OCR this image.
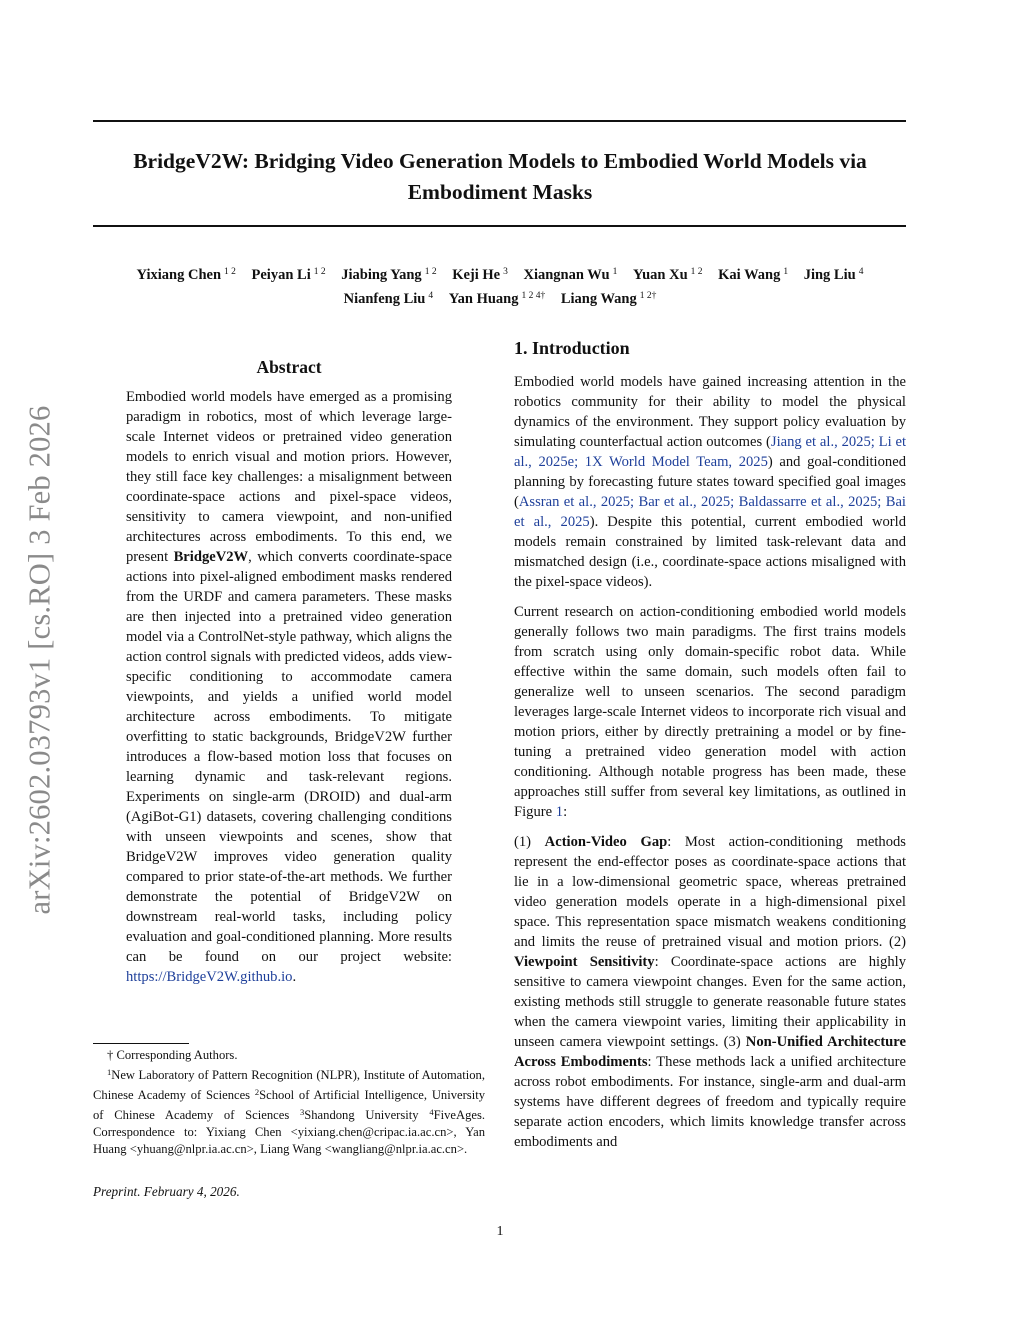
BridgeV2W: Bridging Video Generation Models to Embodied World Models via
Embodiment Masks
Yixiang Chen $^{1 2}$ Peiyan Li $^{1 2}$ Jiabing Yang $^{1 2}$ Keji He $^3$ Xiangnan Wu $^1$ Yuan Xu $^{1 2}$ Kai Wang $^1$ Jing Liu $^4$
Nianfeng Liu $^4$ Yan Huang $^{1 2 4\dagger}$ Liang Wang $^{1 2\dagger}$
arXiv:2602.03793v1 [cs.RO] 3 Feb 2026
Abstract
Embodied world models have emerged as a promising paradigm in robotics, most of which leverage large-scale Internet videos or pretrained video generation models to enrich visual and motion priors. However, they still face key challenges: a misalignment between coordinate-space actions and pixel-space videos, sensitivity to camera viewpoint, and non-unified architectures across embodiments. To this end, we present BridgeV2W, which converts coordinate-space actions into pixel-aligned embodiment masks rendered from the URDF and camera parameters. These masks are then injected into a pretrained video generation model via a ControlNet-style pathway, which aligns the action control signals with predicted videos, adds view-specific conditioning to accommodate camera viewpoints, and yields a unified world model architecture across embodiments. To mitigate overfitting to static backgrounds, BridgeV2W further introduces a flow-based motion loss that focuses on learning dynamic and task-relevant regions. Experiments on single-arm (DROID) and dual-arm (AgiBot-G1) datasets, covering challenging conditions with unseen viewpoints and scenes, show that BridgeV2W improves video generation quality compared to prior state-of-the-art methods. We further demonstrate the potential of BridgeV2W on downstream real-world tasks, including policy evaluation and goal-conditioned planning. More results can be found on our project website: https://BridgeV2W.github.io.

† Corresponding Authors.

$^1$New Laboratory of Pattern Recognition (NLPR), Institute of Automation, Chinese Academy of Sciences $^2$School of Artificial Intelligence, University of Chinese Academy of Sciences $^3$Shandong University $^4$FiveAges. Correspondence to: Yixiang Chen <yixiang.chen@cripac.ia.ac.cn>, Yan Huang <yhuang@nlpr.ia.ac.cn>, Liang Wang <wangliang@nlpr.ia.ac.cn>.

Preprint. February 4, 2026.
1. Introduction

Embodied world models have gained increasing attention in the robotics community for their ability to model the physical dynamics of the environment. They support policy evaluation by simulating counterfactual action outcomes (Jiang et al., 2025; Li et al., 2025e; 1X World Model Team, 2025) and goal-conditioned planning by forecasting future states toward specified goal images (Assran et al., 2025; Bar et al., 2025; Baldassarre et al., 2025; Bai et al., 2025). Despite this potential, current embodied world models remain constrained by limited task-relevant data and mismatched design (i.e., coordinate-space actions misaligned with the pixel-space videos).

Current research on action-conditioning embodied world models generally follows two main paradigms. The first trains models from scratch using only domain-specific robot data. While effective within the same domain, such models often fail to generalize well to unseen scenarios. The second paradigm leverages large-scale Internet videos to incorporate rich visual and motion priors, either by directly pretraining a model or by fine-tuning a pretrained video generation model with action conditioning. Although notable progress has been made, these approaches still suffer from several key limitations, as outlined in Figure 1:

(1) Action-Video Gap: Most action-conditioning methods represent the end-effector poses as coordinate-space actions that lie in a low-dimensional geometric space, whereas pretrained video generation models operate in a high-dimensional pixel space. This representation space mismatch weakens conditioning and limits the reuse of pretrained visual and motion priors. (2) Viewpoint Sensitivity: Coordinate-space actions are highly sensitive to camera viewpoint changes. Even for the same action, existing methods still struggle to generate reasonable future states when the camera viewpoint varies, limiting their applicability in unseen camera viewpoint settings. (3) Non-Unified Architecture Across Embodiments: These methods lack a unified architecture across robot embodiments. For instance, single-arm and dual-arm systems have different degrees of freedom and typically require separate action encoders, which limits knowledge transfer across embodiments and

1
